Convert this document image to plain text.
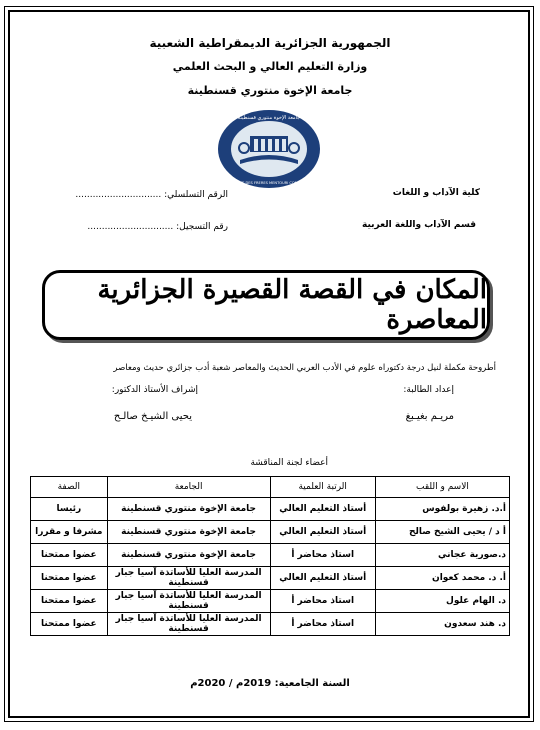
الجمهورية الجزائرية الديمقراطية الشعبية
وزارة التعليم العالي و البحث العلمي
جامعة الإخوة منتوري قسنطينة
جامعة الإخوة منتوري قسنطينة
UNIVERSITE DES FRERES MENTOURI CONSTANTINE
كلية الآداب و اللغات
قسم الآداب واللغة العربية
الرقم التسلسلي: ..............................
رقم التسجيل: ..............................
المكان في القصة القصيرة الجزائرية المعاصرة
أطروحة مكملة لنيل درجة دكتوراه علوم في الأدب العربي الحديث والمعاصر شعبة أدب جزائري حديث ومعاصر
إعداد الطالبة:
إشراف الأستاذ الدكتور:
مريـم بغيـبغ
يحيى الشيـخ صالـح
أعضاء لجنة المناقشة
الاسم و اللقب	الرتبة العلمية	الجامعة	الصفة
أ.د. زهيرة بولفوس	أستاذ التعليم العالي	جامعة الإخوة منتوري قسنطينة	رئيسا
أ د / يحيى الشيخ صالح	أستاذ التعليم العالي	جامعة الإخوة منتوري قسنطينة	مشرفا و مقررا
د.صورية عجاني	استاذ محاضر أ	جامعة الإخوة منتوري قسنطينة	عضوا ممتحنا
أ. د. محمد كعوان	أستاذ التعليم العالي	المدرسة العليا للأساتذة آسيا جبار قسنطينة	عضوا ممتحنا
د. الهام علول	استاذ محاضر أ	المدرسة العليا للأساتذة آسيا جبار قسنطينة	عضوا ممتحنا
د. هند سعدون	استاذ محاضر أ	المدرسة العليا للأساتذة آسيا جبار قسنطينة	عضوا ممتحنا
السنة الجامعية: 2019م / 2020م
